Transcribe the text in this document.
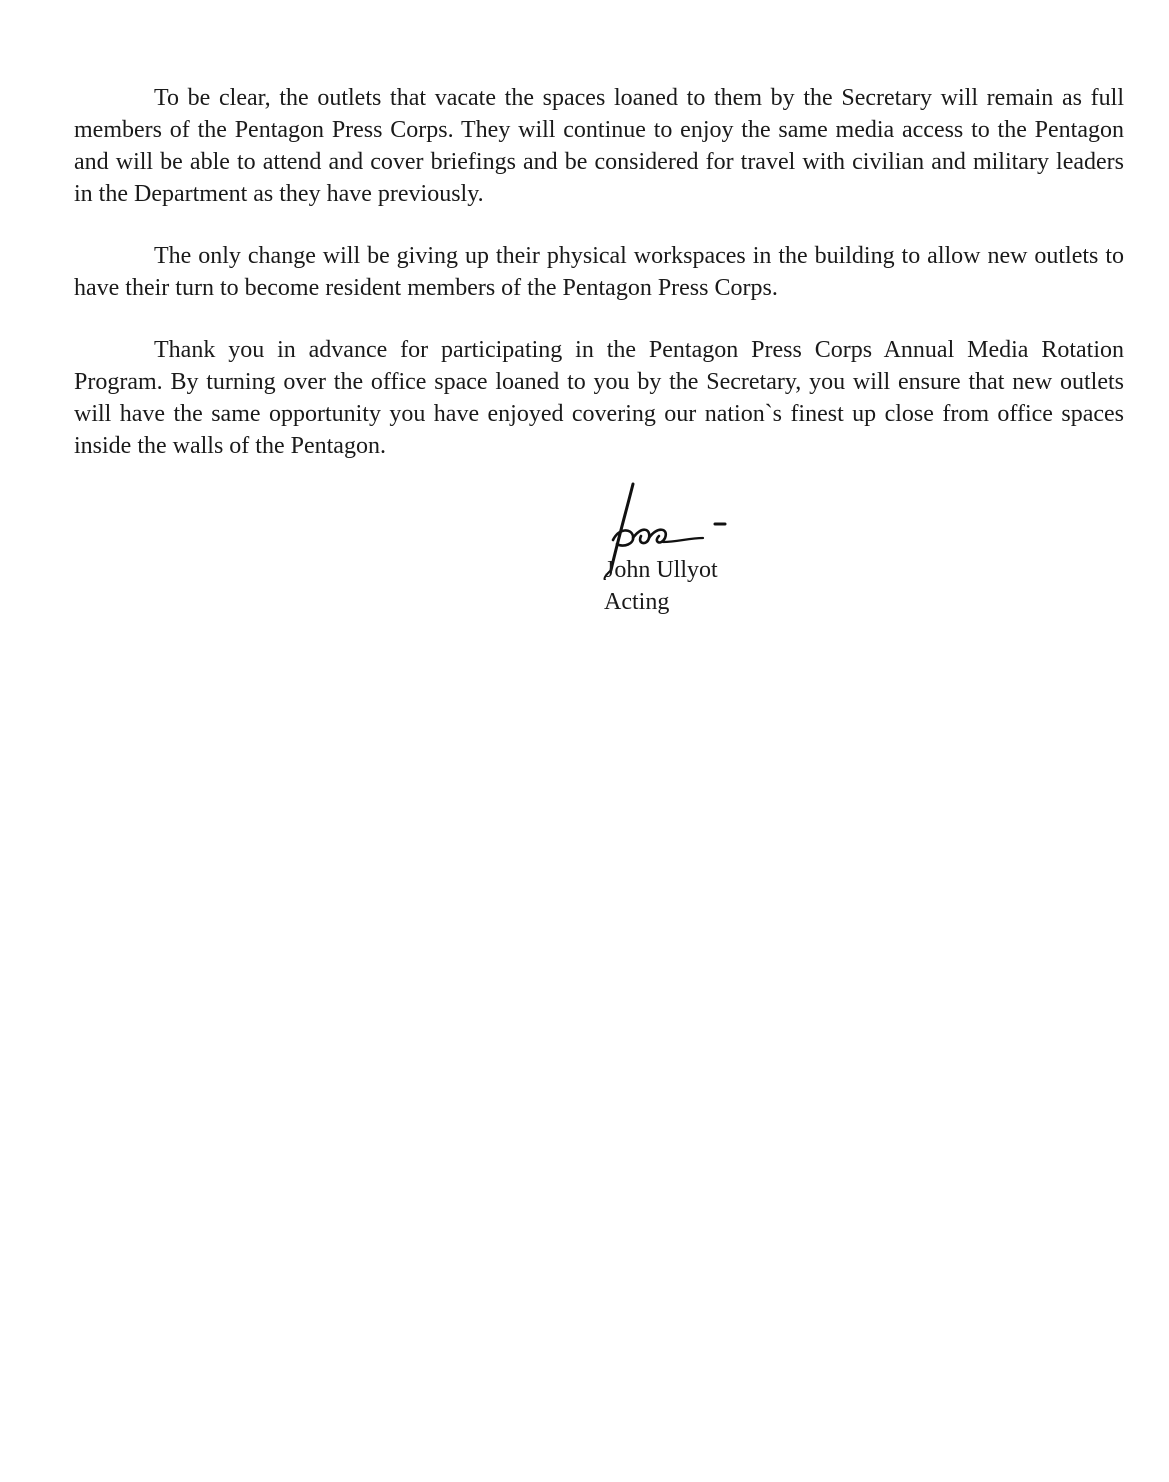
To be clear, the outlets that vacate the spaces loaned to them by the Secretary will remain as full members of the Pentagon Press Corps. They will continue to enjoy the same media access to the Pentagon and will be able to attend and cover briefings and be considered for travel with civilian and military leaders in the Department as they have previously.

The only change will be giving up their physical workspaces in the building to allow new outlets to have their turn to become resident members of the Pentagon Press Corps.

Thank you in advance for participating in the Pentagon Press Corps Annual Media Rotation Program. By turning over the office space loaned to you by the Secretary, you will ensure that new outlets will have the same opportunity you have enjoyed covering our nation`s finest up close from office spaces inside the walls of the Pentagon.

John Ullyot
Acting
